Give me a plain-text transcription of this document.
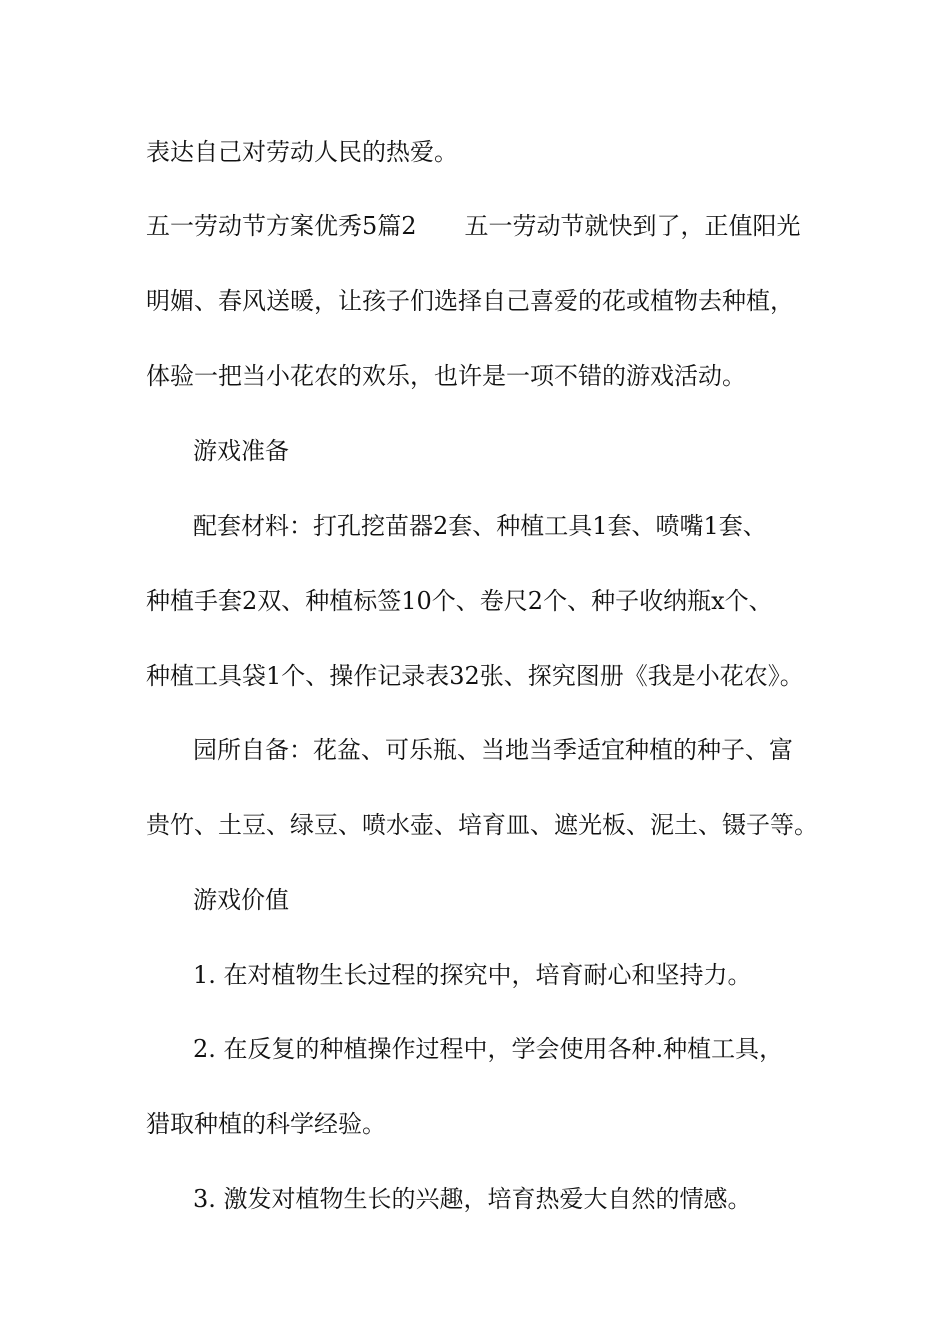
表达自己对劳动人民的热爱。
五一劳动节方案优秀5篇2　　五一劳动节就快到了，正值阳光
明媚、春风送暖，让孩子们选择自己喜爱的花或植物去种植，
体验一把当小花农的欢乐，也许是一项不错的游戏活动。
游戏准备
配套材料：打孔挖苗器2套、种植工具1套、喷嘴1套、
种植手套2双、种植标签10个、卷尺2个、种子收纳瓶x个、
种植工具袋1个、操作记录表32张、探究图册《我是小花农》。
园所自备：花盆、可乐瓶、当地当季适宜种植的种子、富
贵竹、土豆、绿豆、喷水壶、培育皿、遮光板、泥土、镊子等。
游戏价值
1. 在对植物生长过程的探究中，培育耐心和坚持力。
2. 在反复的种植操作过程中，学会使用各种.种植工具，
猎取种植的科学经验。
3. 激发对植物生长的兴趣，培育热爱大自然的情感。
